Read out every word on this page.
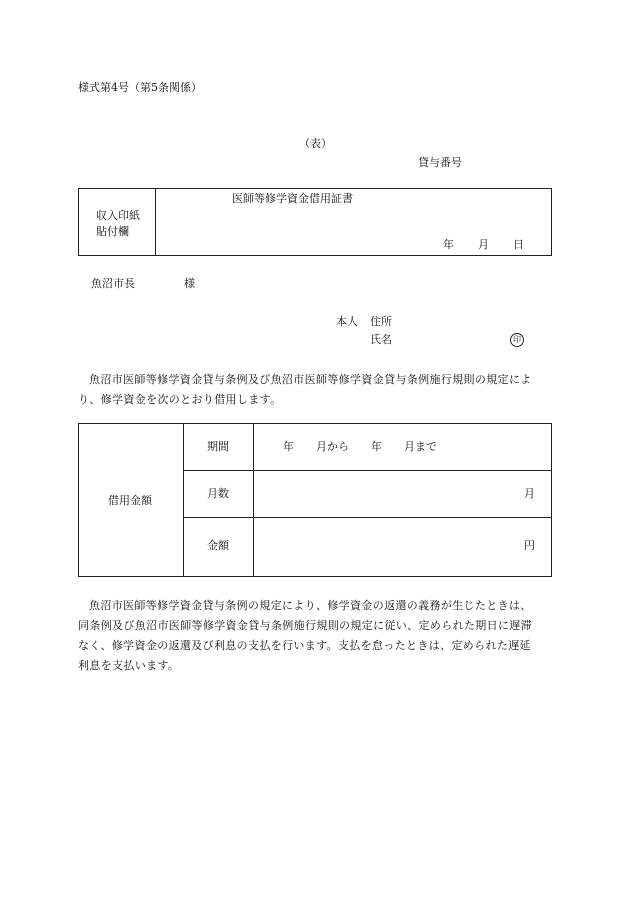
様式第4号（第5条関係）
（表）
貸与番号
収入印紙
貼付欄
医師等修学資金借用証書
年 月 日
魚沼市長	様
本人 住所
氏名	印
魚沼市医師等修学資金貸与条例及び魚沼市医師等修学資金貸与条例施行規則の規定によ
り、修学資金を次のとおり借用します。
借用金額
期間	年　　月から　　年　　月まで
月数	月
金額	円
魚沼市医師等修学資金貸与条例の規定により、修学資金の返還の義務が生じたときは、
同条例及び魚沼市医師等修学資金貸与条例施行規則の規定に従い、定められた期日に遅滞
なく、修学資金の返還及び利息の支払を行います。支払を怠ったときは、定められた遅延
利息を支払います。
